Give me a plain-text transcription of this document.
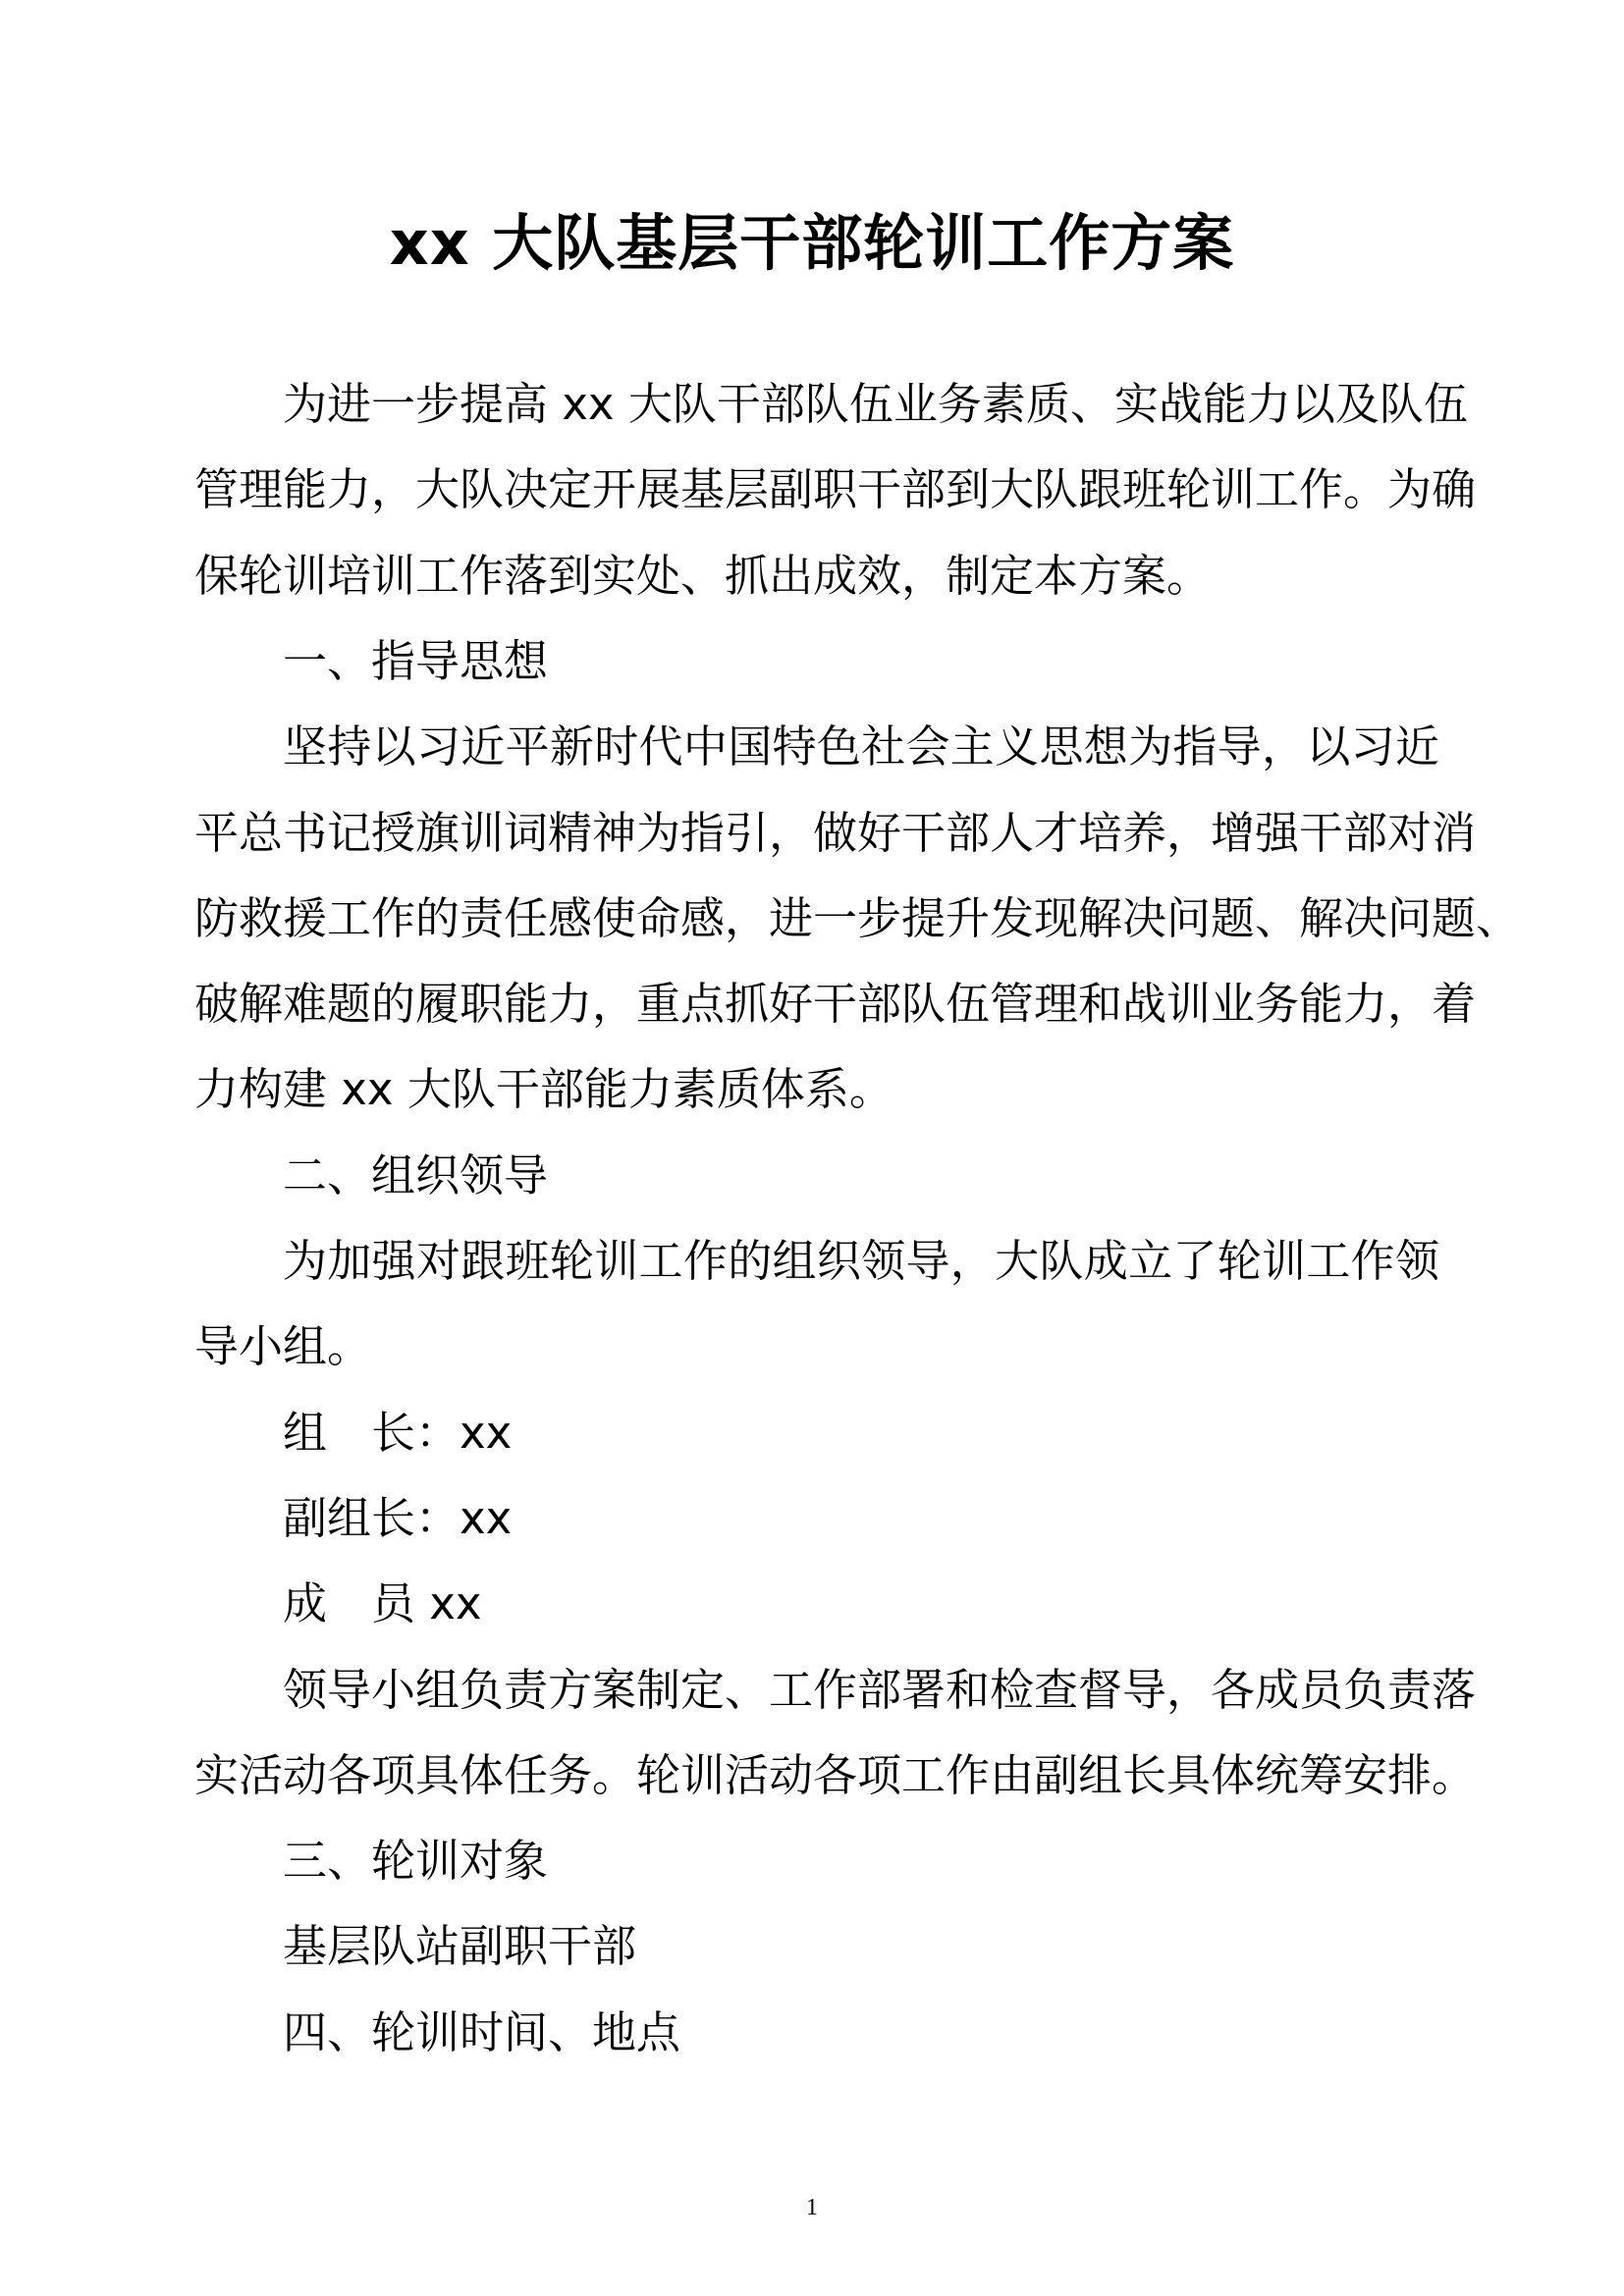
xx 大队基层干部轮训工作方案
为进一步提高 xx 大队干部队伍业务素质、实战能力以及队伍
管理能力，大队决定开展基层副职干部到大队跟班轮训工作。为确
保轮训培训工作落到实处、抓出成效，制定本方案。
一、指导思想
坚持以习近平新时代中国特色社会主义思想为指导，以习近
平总书记授旗训词精神为指引，做好干部人才培养，增强干部对消
防救援工作的责任感使命感，进一步提升发现解决问题、解决问题、
破解难题的履职能力，重点抓好干部队伍管理和战训业务能力，着
力构建 xx 大队干部能力素质体系。
二、组织领导
为加强对跟班轮训工作的组织领导，大队成立了轮训工作领
导小组。
组　长：xx
副组长：xx
成　员 xx
领导小组负责方案制定、工作部署和检查督导，各成员负责落
实活动各项具体任务。轮训活动各项工作由副组长具体统筹安排。
三、轮训对象
基层队站副职干部
四、轮训时间、地点
1
